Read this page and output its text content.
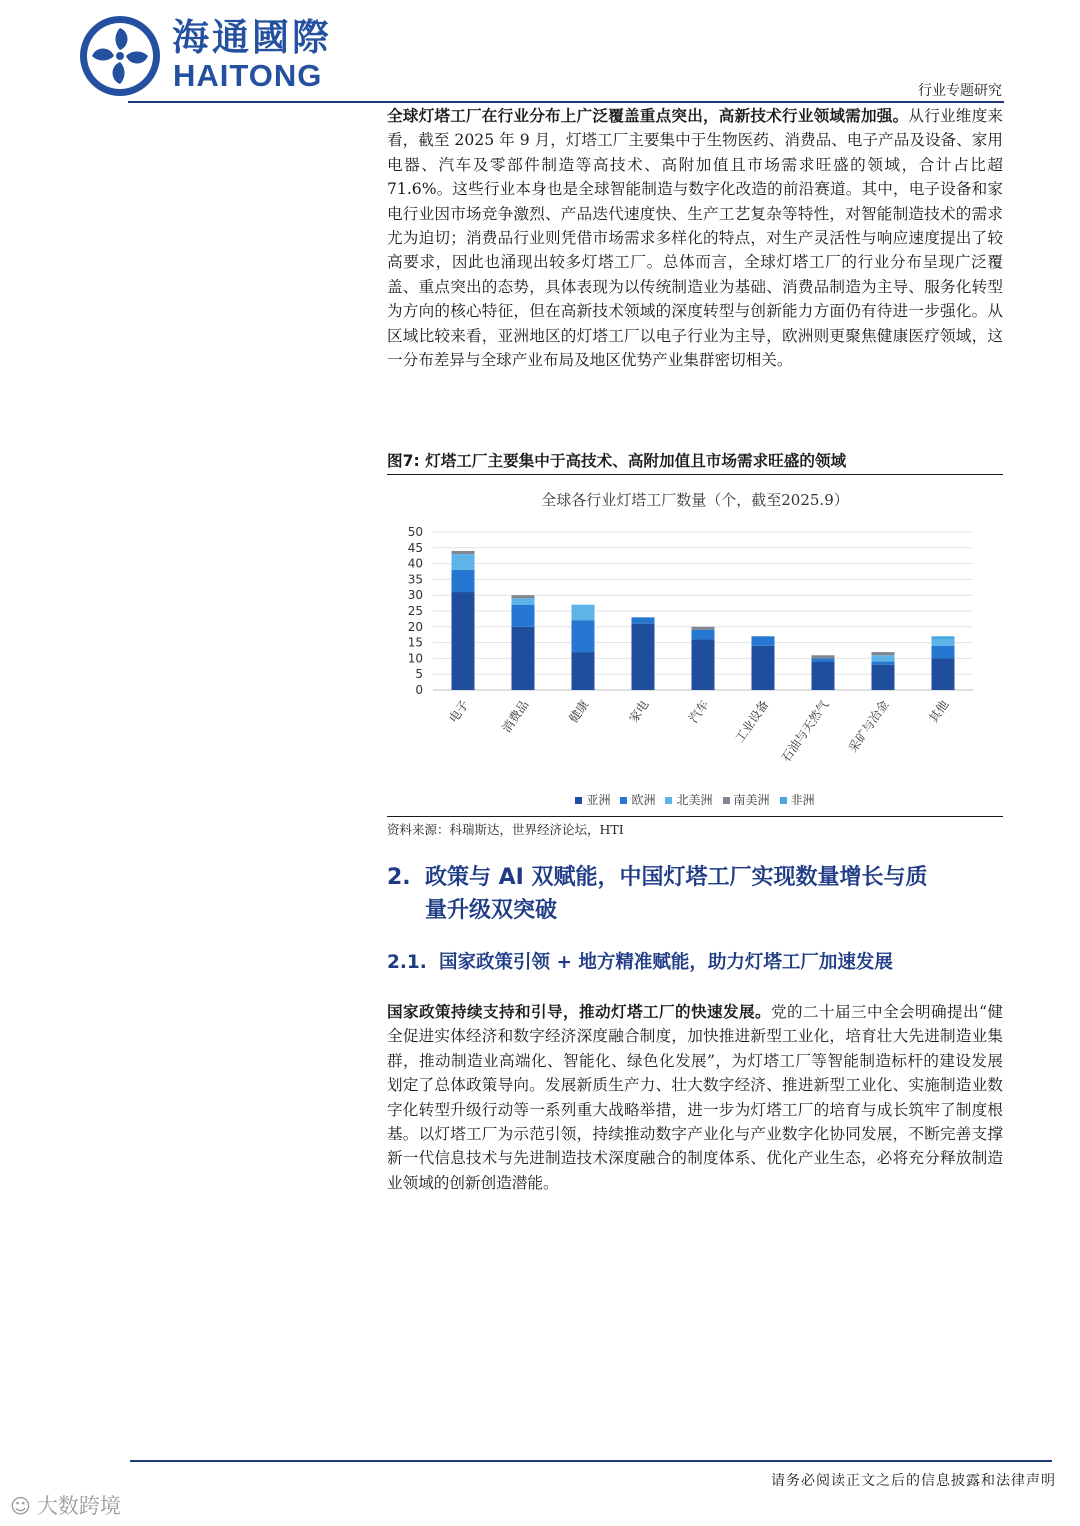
海通國際
HAITONG	行业专题研究
全球灯塔工厂在行业分布上广泛覆盖重点突出，高新技术行业领域需加强。从行业维度来看，截至 2025 年 9 月，灯塔工厂主要集中于生物医药、消费品、电子产品及设备、家用电器、汽车及零部件制造等高技术、高附加值且市场需求旺盛的领域，合计占比超 71.6%。这些行业本身也是全球智能制造与数字化改造的前沿赛道。其中，电子设备和家电行业因市场竞争激烈、产品迭代速度快、生产工艺复杂等特性，对智能制造技术的需求尤为迫切；消费品行业则凭借市场需求多样化的特点，对生产灵活性与响应速度提出了较高要求，因此也涌现出较多灯塔工厂。总体而言，全球灯塔工厂的行业分布呈现广泛覆盖、重点突出的态势，具体表现为以传统制造业为基础、消费品制造为主导、服务化转型为方向的核心特征，但在高新技术领域的深度转型与创新能力方面仍有待进一步强化。从区域比较来看，亚洲地区的灯塔工厂以电子行业为主导，欧洲则更聚焦健康医疗领域，这一分布差异与全球产业布局及地区优势产业集群密切相关。
图7: 灯塔工厂主要集中于高技术、高附加值且市场需求旺盛的领域
全球各行业灯塔工厂数量（个，截至2025.9）
0
5
10
15
20
25
30
35
40
45
50
电子 消费品	健康	家电	汽车 工业设备 石油与天然气 采矿与冶金	其他
亚洲 欧洲 北美洲 南美洲 非洲
资料来源：科瑞斯达，世界经济论坛，HTI
2. 政策与 AI 双赋能，中国灯塔工厂实现数量增长与质
量升级双突破
2.1. 国家政策引领 + 地方精准赋能，助力灯塔工厂加速发展
国家政策持续支持和引导，推动灯塔工厂的快速发展。党的二十届三中全会明确提出“健全促进实体经济和数字经济深度融合制度，加快推进新型工业化，培育壮大先进制造业集群，推动制造业高端化、智能化、绿色化发展”，为灯塔工厂等智能制造标杆的建设发展划定了总体政策导向。发展新质生产力、壮大数字经济、推进新型工业化、实施制造业数字化转型升级行动等一系列重大战略举措，进一步为灯塔工厂的培育与成长筑牢了制度根基。以灯塔工厂为示范引领，持续推动数字产业化与产业数字化协同发展，不断完善支撑新一代信息技术与先进制造技术深度融合的制度体系、优化产业生态，必将充分释放制造业领域的创新创造潜能。
请务必阅读正文之后的信息披露和法律声明
☺ 大数跨境
